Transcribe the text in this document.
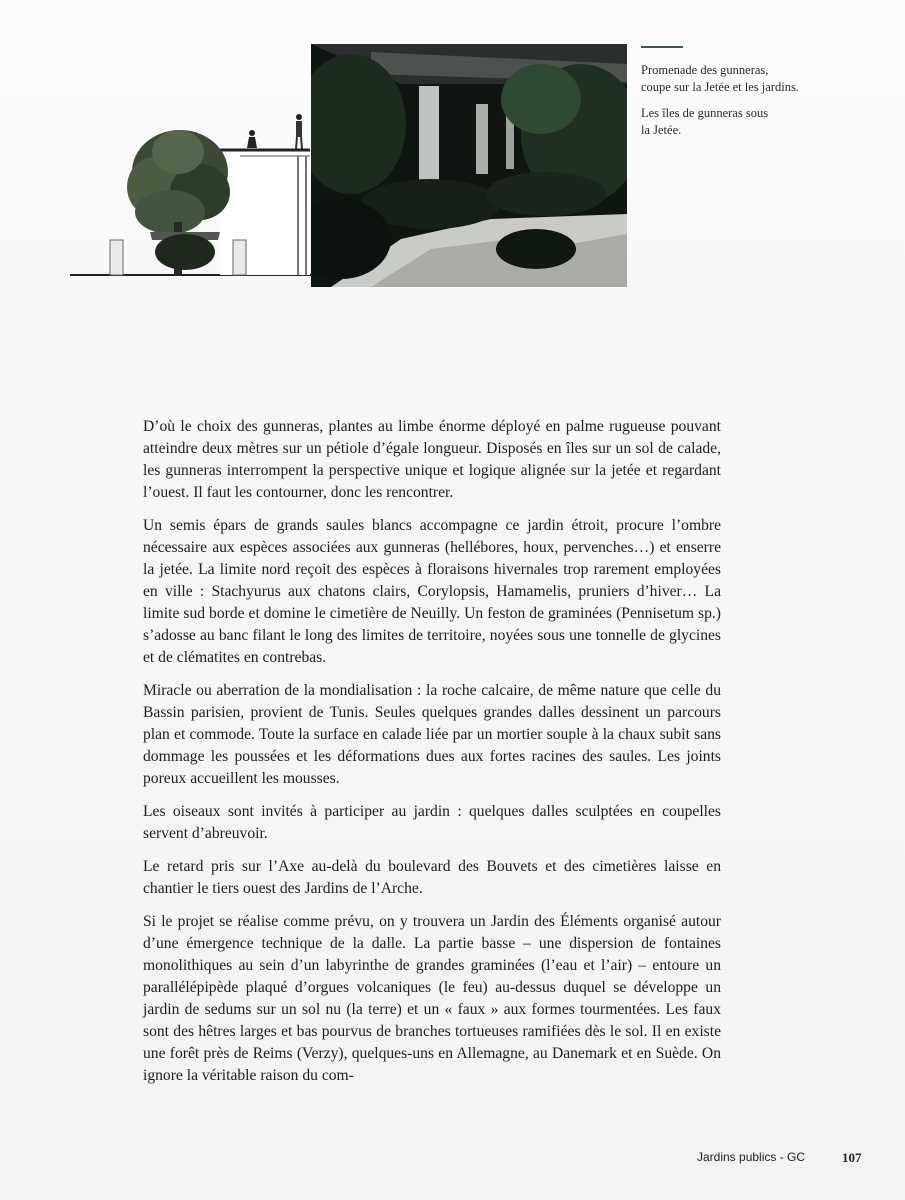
Promenade des gunneras,
coupe sur la Jetée et les jardins.

Les îles de gunneras sous
la Jetée.

D’où le choix des gunneras, plantes au limbe énorme déployé en palme rugueuse pouvant atteindre deux mètres sur un pétiole d’égale longueur. Disposés en îles sur un sol de calade, les gunneras interrompent la perspective unique et logique alignée sur la jetée et regardant l’ouest. Il faut les contourner, donc les rencontrer.

Un semis épars de grands saules blancs accompagne ce jardin étroit, procure l’ombre nécessaire aux espèces associées aux gunneras (hellébores, houx, pervenches…) et enserre la jetée. La limite nord reçoit des espèces à floraisons hivernales trop rarement employées en ville : Stachyurus aux chatons clairs, Corylopsis, Hamamelis, pruniers d’hiver… La limite sud borde et domine le cimetière de Neuilly. Un feston de graminées (Pennisetum sp.) s’adosse au banc filant le long des limites de territoire, noyées sous une tonnelle de glycines et de clématites en contrebas.

Miracle ou aberration de la mondialisation : la roche calcaire, de même nature que celle du Bassin parisien, provient de Tunis. Seules quelques grandes dalles dessinent un parcours plan et commode. Toute la surface en calade liée par un mortier souple à la chaux subit sans dommage les poussées et les déformations dues aux fortes racines des saules. Les joints poreux accueillent les mousses.

Les oiseaux sont invités à participer au jardin : quelques dalles sculptées en coupelles servent d’abreuvoir.

Le retard pris sur l’Axe au-delà du boulevard des Bouvets et des cimetières laisse en chantier le tiers ouest des Jardins de l’Arche.

Si le projet se réalise comme prévu, on y trouvera un Jardin des Éléments organisé autour d’une émergence technique de la dalle. La partie basse – une dispersion de fontaines monolithiques au sein d’un labyrinthe de grandes graminées (l’eau et l’air) – entoure un parallélépipède plaqué d’orgues volcaniques (le feu) au-dessus duquel se développe un jardin de sedums sur un sol nu (la terre) et un « faux » aux formes tourmentées. Les faux sont des hêtres larges et bas pourvus de branches tortueuses ramifiées dès le sol. Il en existe une forêt près de Reims (Verzy), quelques-uns en Allemagne, au Danemark et en Suède. On ignore la véritable raison du com-

Jardins publics - GC	107
